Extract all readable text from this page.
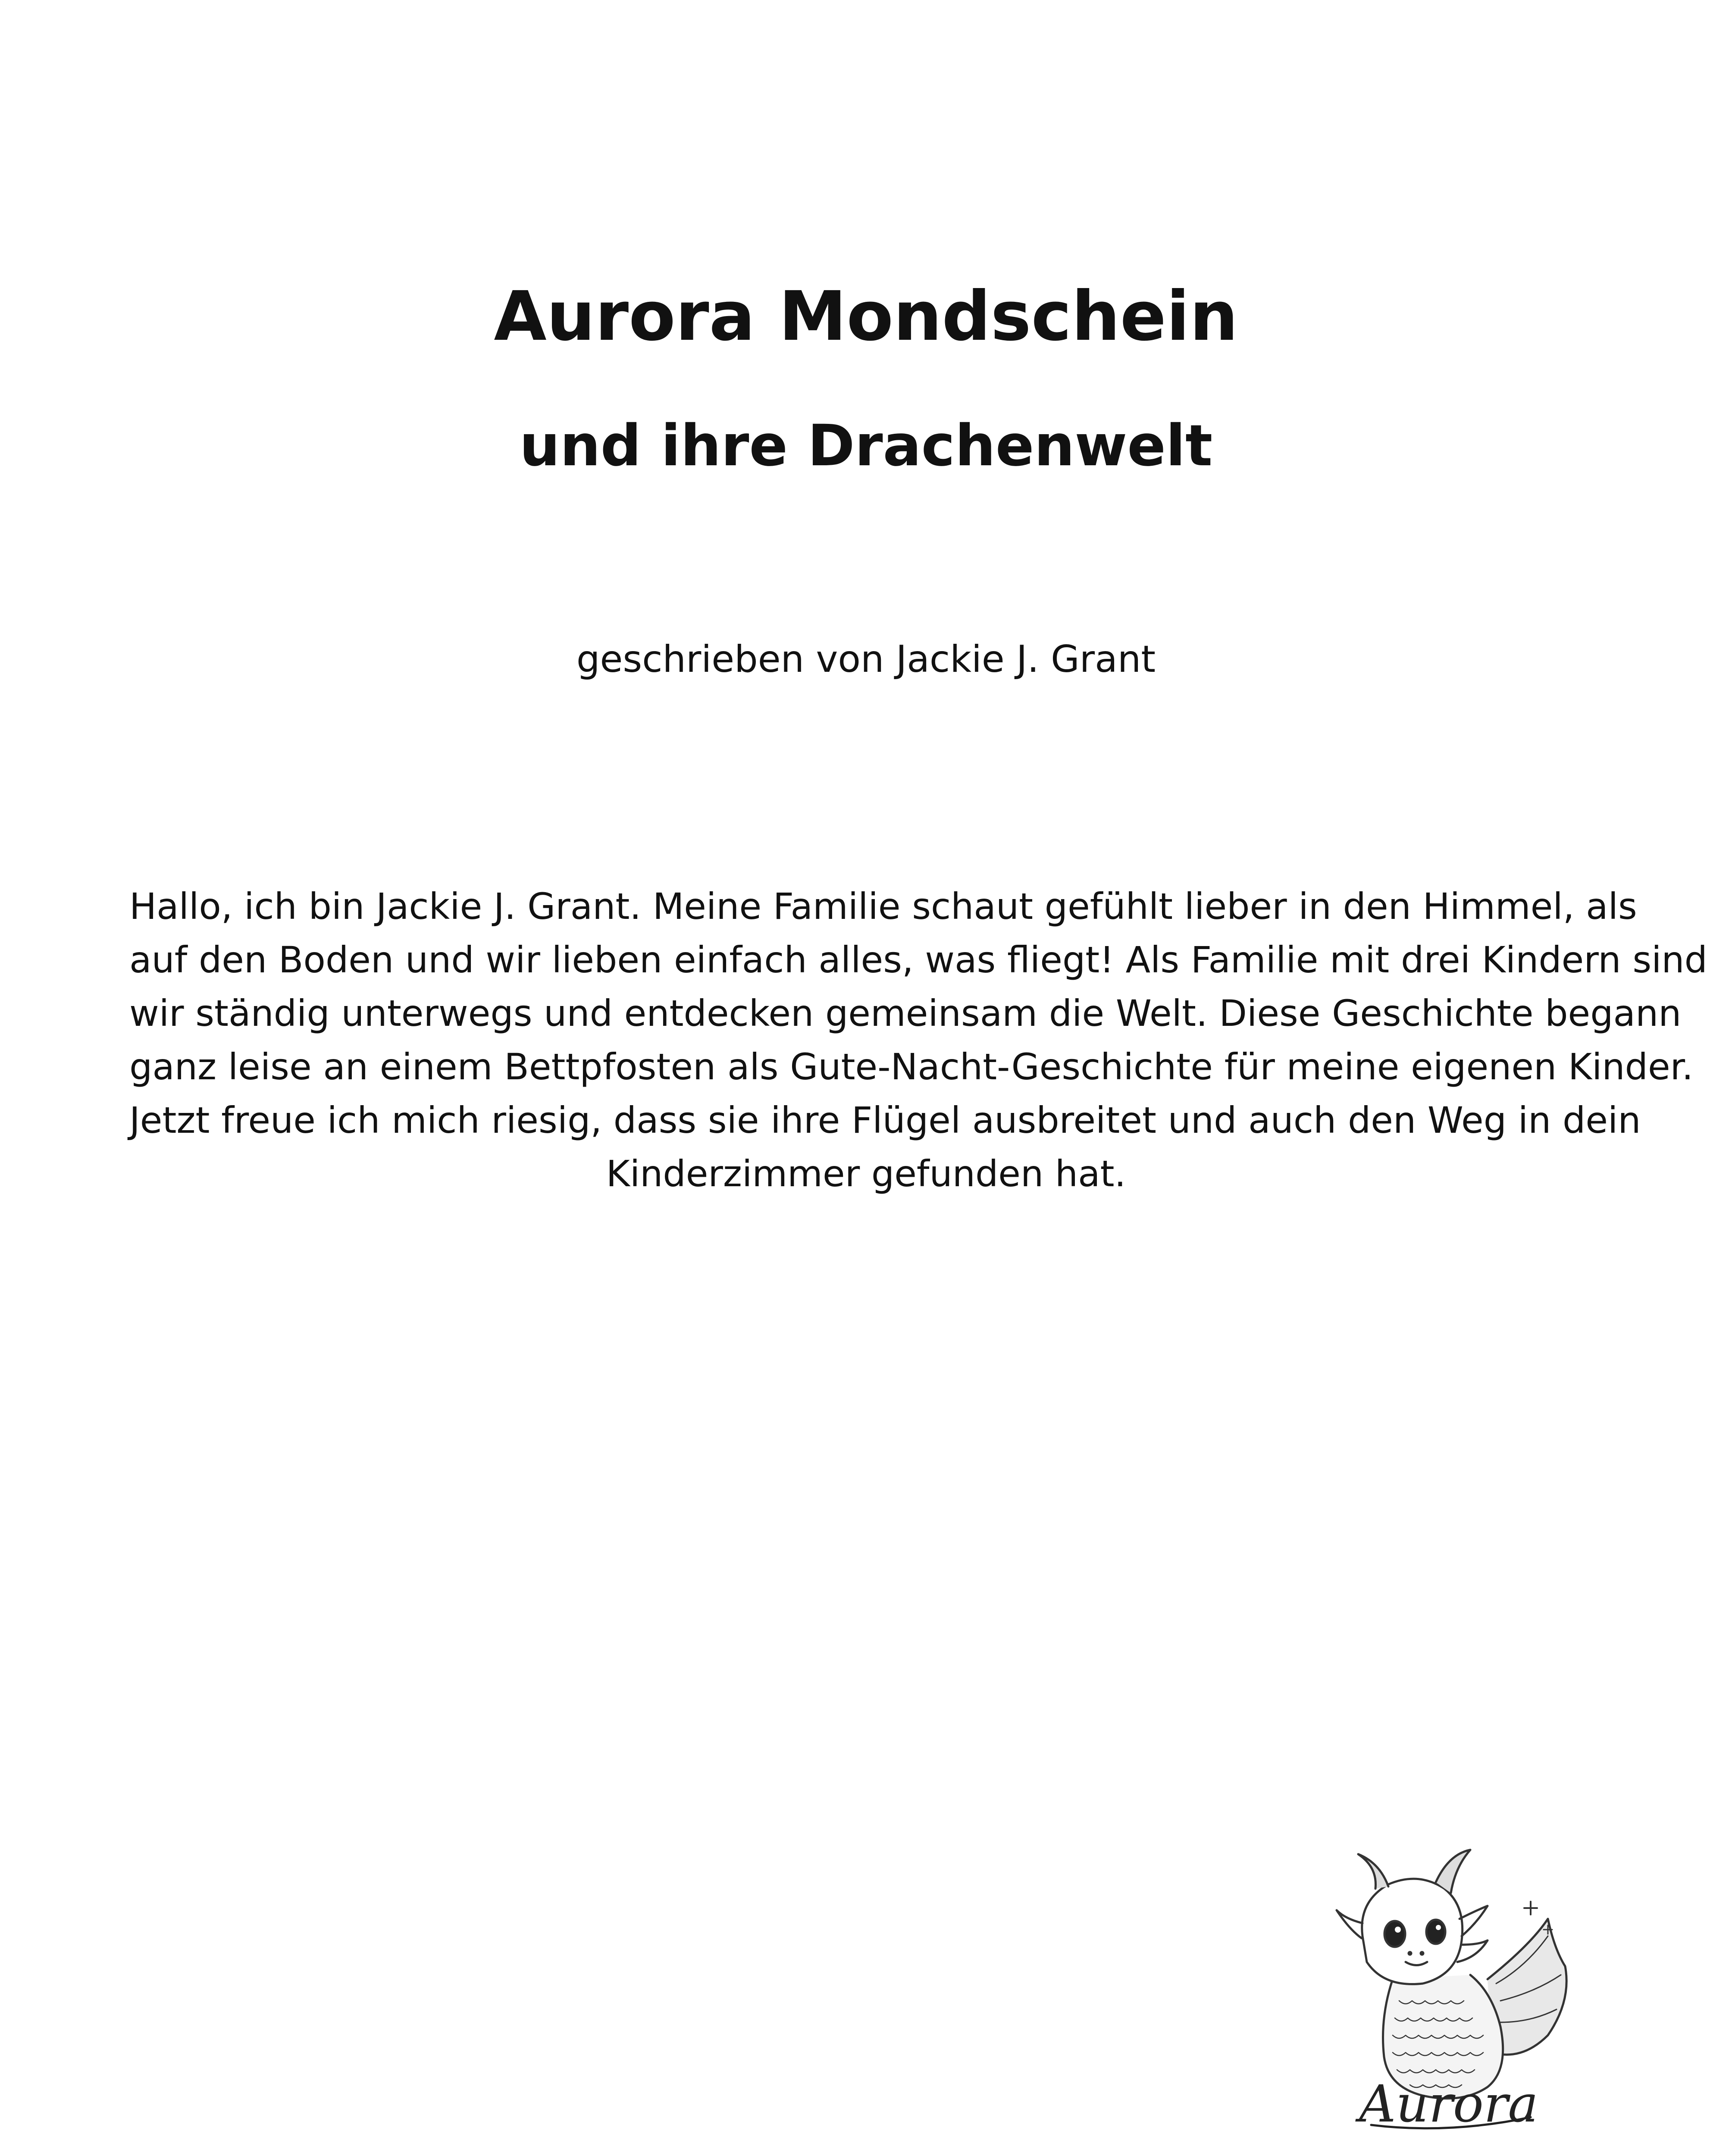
Aurora Mondschein
und ihre Drachenwelt

geschrieben von Jackie J. Grant

Hallo, ich bin Jackie J. Grant. Meine Familie schaut gefühlt lieber in den Himmel, als
auf den Boden und wir lieben einfach alles, was fliegt! Als Familie mit drei Kindern sind
wir ständig unterwegs und entdecken gemeinsam die Welt. Diese Geschichte begann
ganz leise an einem Bettpfosten als Gute-Nacht-Geschichte für meine eigenen Kinder.
Jetzt freue ich mich riesig, dass sie ihre Flügel ausbreitet und auch den Weg in dein
Kinderzimmer gefunden hat.

Aurora
